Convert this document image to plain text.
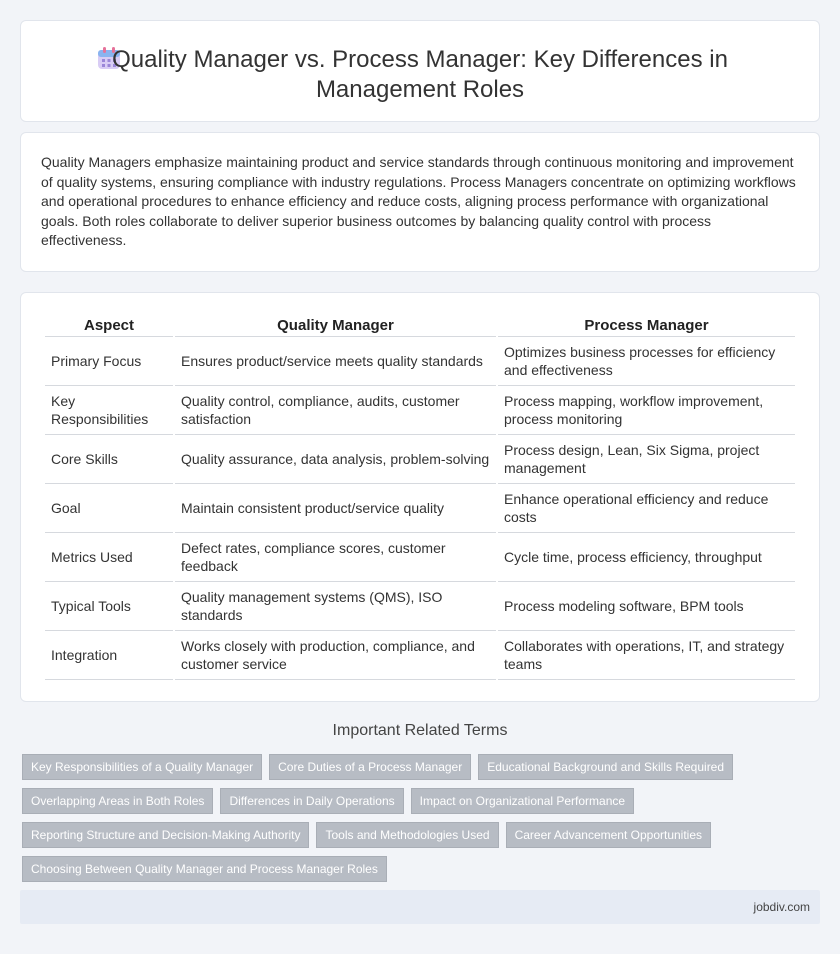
Quality Manager vs. Process Manager: Key Differences in Management Roles

Quality Managers emphasize maintaining product and service standards through continuous monitoring and improvement of quality systems, ensuring compliance with industry regulations. Process Managers concentrate on optimizing workflows and operational procedures to enhance efficiency and reduce costs, aligning process performance with organizational goals. Both roles collaborate to deliver superior business outcomes by balancing quality control with process effectiveness.

Aspect	Quality Manager	Process Manager
Primary Focus	Ensures product/service meets quality standards	Optimizes business processes for efficiency and effectiveness
Key Responsibilities	Quality control, compliance, audits, customer satisfaction	Process mapping, workflow improvement, process monitoring
Core Skills	Quality assurance, data analysis, problem-solving	Process design, Lean, Six Sigma, project management
Goal	Maintain consistent product/service quality	Enhance operational efficiency and reduce costs
Metrics Used	Defect rates, compliance scores, customer feedback	Cycle time, process efficiency, throughput
Typical Tools	Quality management systems (QMS), ISO standards	Process modeling software, BPM tools
Integration	Works closely with production, compliance, and customer service	Collaborates with operations, IT, and strategy teams
Important Related Terms
Key Responsibilities of a Quality Manager	Core Duties of a Process Manager	Educational Background and Skills Required
Overlapping Areas in Both Roles	Differences in Daily Operations	Impact on Organizational Performance
Reporting Structure and Decision-Making Authority	Tools and Methodologies Used	Career Advancement Opportunities
Choosing Between Quality Manager and Process Manager Roles
jobdiv.com
